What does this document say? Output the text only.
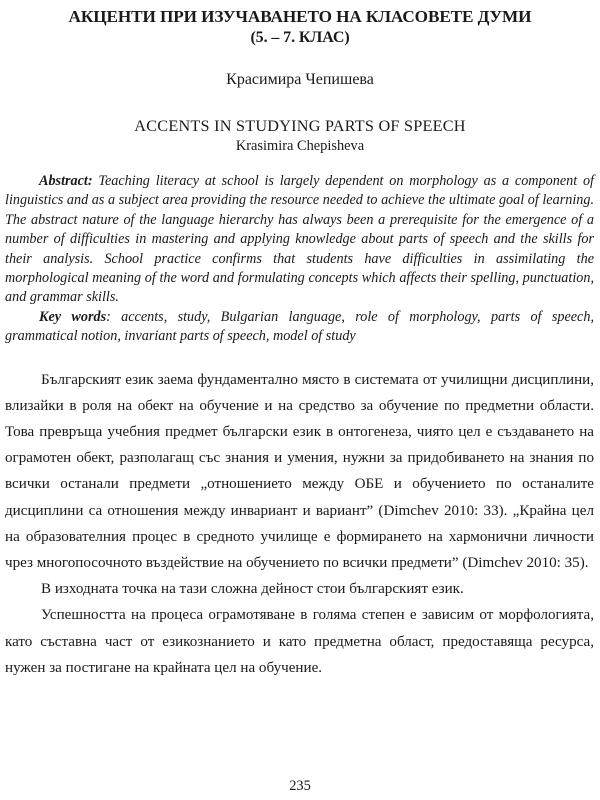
АКЦЕНТИ ПРИ ИЗУЧАВАНЕТО НА КЛАСОВЕТЕ ДУМИ
(5. – 7. КЛАС)
Красимира Чепишева
ACCENTS IN STUDYING PARTS OF SPEECH
Krasimira Chepisheva

Abstract: Teaching literacy at school is largely dependent on morphology as a component of linguistics and as a subject area providing the resource needed to achieve the ultimate goal of learning. The abstract nature of the language hierarchy has always been a prerequisite for the emergence of a number of difficulties in mastering and applying knowledge about parts of speech and the skills for their analysis. School practice confirms that students have difficulties in assimilating the morphological meaning of the word and formulating concepts which affects their spelling, punctuation, and grammar skills.

Key words: accents, study, Bulgarian language, role of morphology, parts of speech, grammatical notion, invariant parts of speech, model of study

Българският език заема фундаментално място в системата от училищни дисциплини, влизайки в роля на обект на обучение и на средство за обучение по предметни области. Това превръща учебния предмет български език в онтогенеза, чиято цел е създаването на ограмотен обект, разполагащ със знания и умения, нужни за придобиването на знания по всички останали предмети „отношението между ОБЕ и обучението по останалите дисциплини са отношения между инвариант и вариант” (Dimchev 2010: 33). „Крайна цел на образователния процес в средното училище е формирането на хармонични личности чрез многопосочното въздействие на обучението по всички предмети” (Dimchev 2010: 35).

В изходната точка на тази сложна дейност стои българският език.

Успешността на процеса ограмотяване в голяма степен е зависим от морфологията, като съставна част от езикознанието и като предметна област, предоставяща ресурса, нужен за постигане на крайната цел на обучение.

235
